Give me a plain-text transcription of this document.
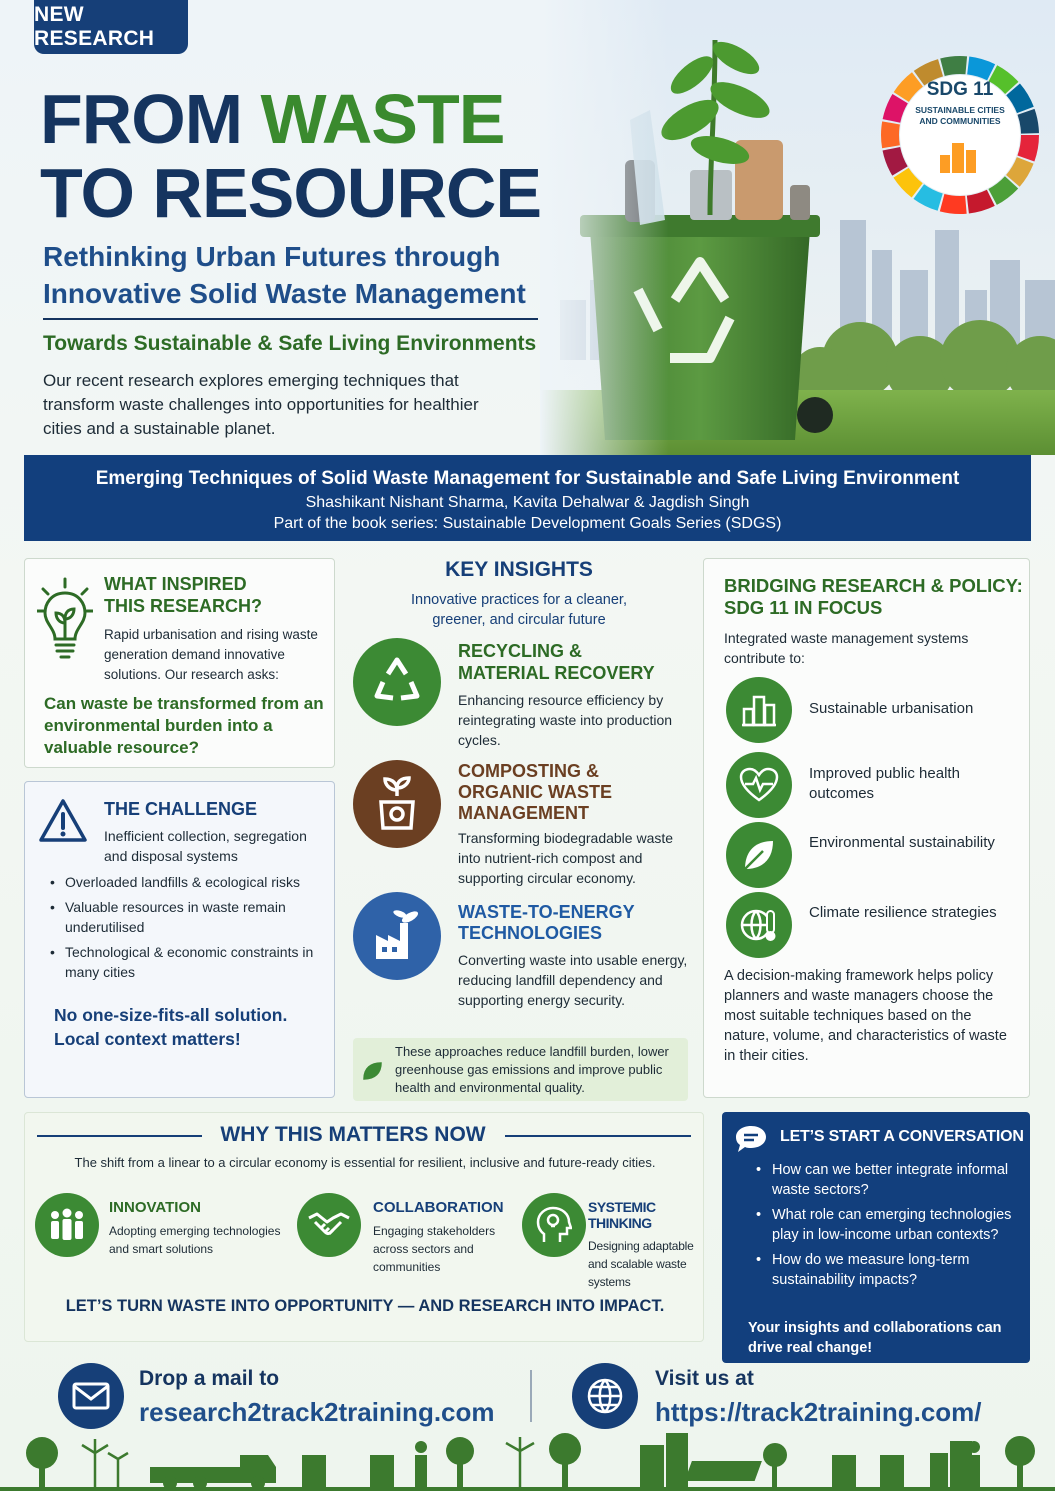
SDG 11
SUSTAINABLE CITIES
AND COMMUNITIES
NEW RESEARCH
FROM WASTE
TO RESOURCE
Rethinking Urban Futures through
Innovative Solid Waste Management
Towards Sustainable & Safe Living Environments
Our recent research explores emerging techniques that transform waste challenges into opportunities for healthier cities and a sustainable planet.
Emerging Techniques of Solid Waste Management for Sustainable and Safe Living Environment
Shashikant Nishant Sharma, Kavita Dehalwar & Jagdish Singh
Part of the book series: Sustainable Development Goals Series (SDGS)
WHAT INSPIRED
THIS RESEARCH?
Rapid urbanisation and rising waste generation demand innovative solutions. Our research asks:
Can waste be transformed from an environmental burden into a valuable resource?
THE CHALLENGE
Inefficient collection, segregation and disposal systems
• Overloaded landfills & ecological risks
• Valuable resources in waste remain underutilised
• Technological & economic constraints in many cities
No one-size-fits-all solution.
Local context matters!
KEY INSIGHTS
Innovative practices for a cleaner, greener, and circular future
RECYCLING &
MATERIAL RECOVERY
Enhancing resource efficiency by reintegrating waste into production cycles.
COMPOSTING &
ORGANIC WASTE
MANAGEMENT
Transforming biodegradable waste into nutrient-rich compost and supporting circular economy.
WASTE-TO-ENERGY
TECHNOLOGIES
Converting waste into usable energy, reducing landfill dependency and supporting energy security.
These approaches reduce landfill burden, lower greenhouse gas emissions and improve public health and environmental quality.
BRIDGING RESEARCH & POLICY:
SDG 11 IN FOCUS
Integrated waste management systems contribute to:
Sustainable urbanisation
Improved public health outcomes
Environmental sustainability
Climate resilience strategies
A decision-making framework helps policy planners and waste managers choose the most suitable techniques based on the nature, volume, and characteristics of waste in their cities.
WHY THIS MATTERS NOW
The shift from a linear to a circular economy is essential for resilient, inclusive and future-ready cities.
INNOVATION
Adopting emerging technologies and smart solutions
COLLABORATION
Engaging stakeholders across sectors and communities
SYSTEMIC THINKING
Designing adaptable and scalable waste systems
LET’S TURN WASTE INTO OPPORTUNITY — AND RESEARCH INTO IMPACT.
LET’S START A CONVERSATION
• How can we better integrate informal waste sectors?
• What role can emerging technologies play in low-income urban contexts?
• How do we measure long-term sustainability impacts?
Your insights and collaborations can drive real change!
Drop a mail to
research2track2training.com
Visit us at
https://track2training.com/
